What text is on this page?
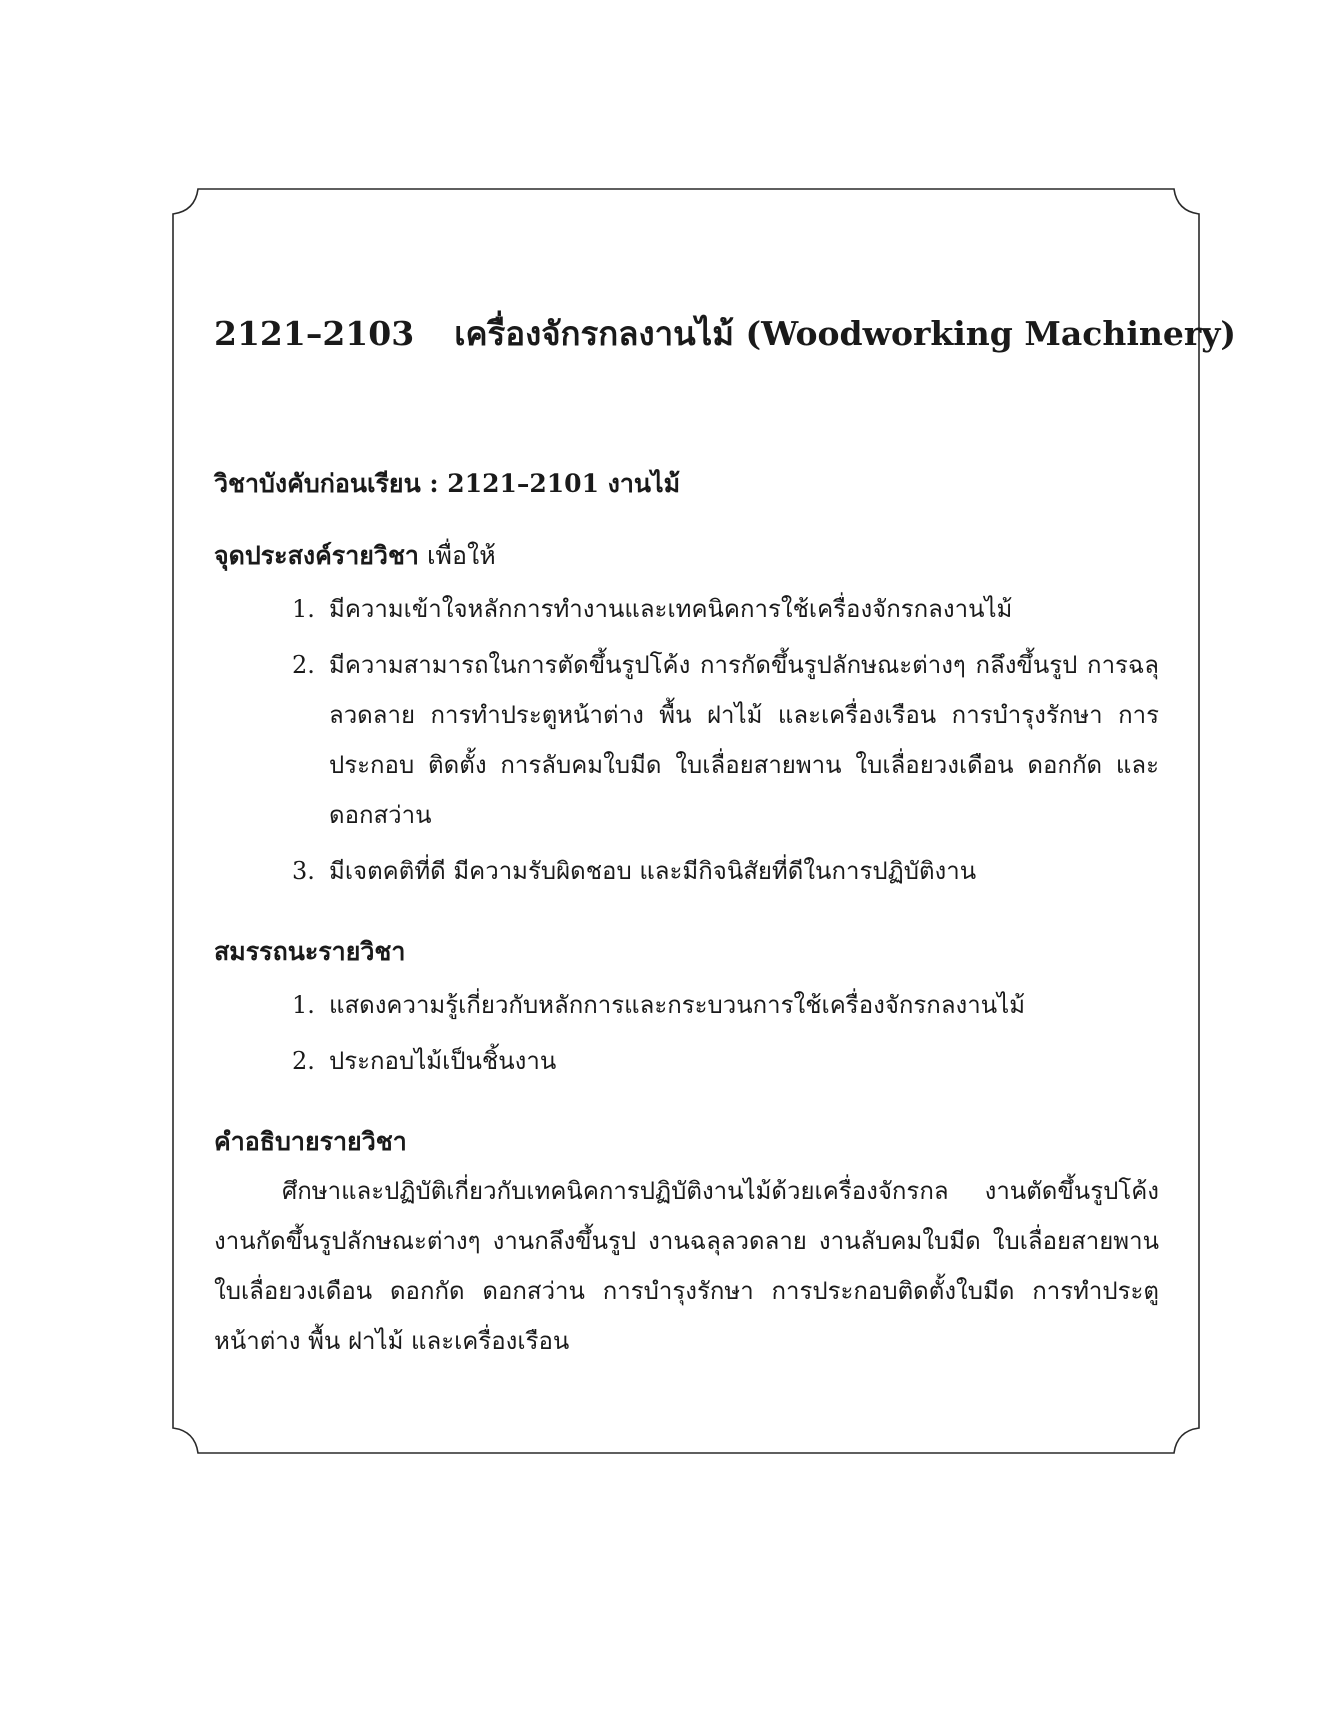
2121–2103 เครื่องจักรกลงานไม้ (Woodworking Machinery)
วิชาบังคับก่อนเรียน : 2121–2101 งานไม้
จุดประสงค์รายวิชา เพื่อให้
1. มีความเข้าใจหลักการทำงานและเทคนิคการใช้เครื่องจักรกลงานไม้
2. มีความสามารถในการตัดขึ้นรูปโค้ง การกัดขึ้นรูปลักษณะต่างๆ กลึงขึ้นรูป การฉลุลวดลาย การทำประตูหน้าต่าง พื้น ฝาไม้ และเครื่องเรือน การบำรุงรักษา การประกอบ ติดตั้ง การลับคมใบมีด ใบเลื่อยสายพาน ใบเลื่อยวงเดือน ดอกกัด และดอกสว่าน
3. มีเจตคติที่ดี มีความรับผิดชอบ และมีกิจนิสัยที่ดีในการปฏิบัติงาน
สมรรถนะรายวิชา
1. แสดงความรู้เกี่ยวกับหลักการและกระบวนการใช้เครื่องจักรกลงานไม้
2. ประกอบไม้เป็นชิ้นงาน
คำอธิบายรายวิชา

ศึกษาและปฏิบัติเกี่ยวกับเทคนิคการปฏิบัติงานไม้ด้วยเครื่องจักรกล งานตัดขึ้นรูปโค้ง งานกัดขึ้นรูปลักษณะต่างๆ งานกลึงขึ้นรูป งานฉลุลวดลาย งานลับคมใบมีด ใบเลื่อยสายพาน ใบเลื่อยวงเดือน ดอกกัด ดอกสว่าน การบำรุงรักษา การประกอบติดตั้งใบมีด การทำประตูหน้าต่าง พื้น ฝาไม้ และเครื่องเรือน
